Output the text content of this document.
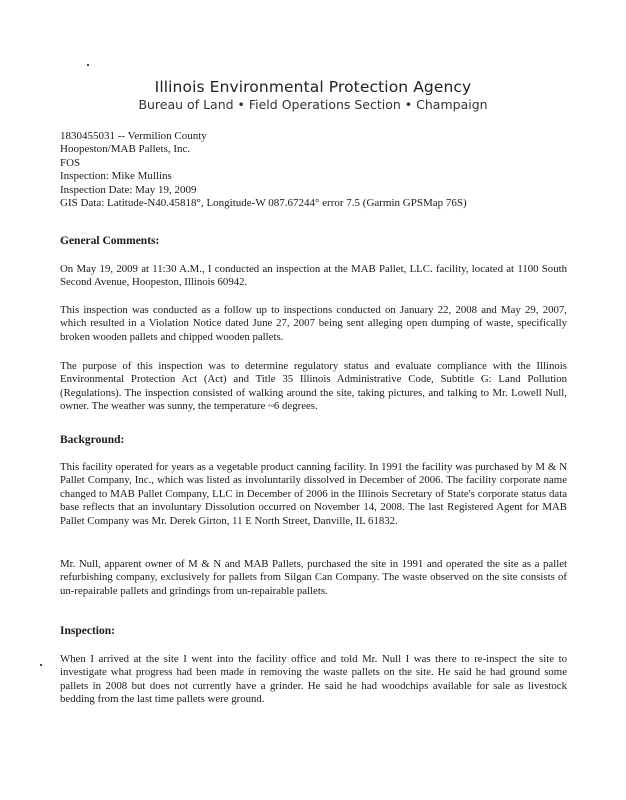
Illinois Environmental Protection Agency
Bureau of Land • Field Operations Section • Champaign
1830455031 -- Vermilion County
Hoopeston/MAB Pallets, Inc.
FOS
Inspection: Mike Mullins
Inspection Date: May 19, 2009
GIS Data: Latitude-N40.45818°, Longitude-W 087.67244° error 7.5 (Garmin GPSMap 76S)
General Comments:
On May 19, 2009 at 11:30 A.M., I conducted an inspection at the MAB Pallet, LLC. facility, located at 1100 South Second Avenue, Hoopeston, Illinois 60942.
This inspection was conducted as a follow up to inspections conducted on January 22, 2008 and May 29, 2007, which resulted in a Violation Notice dated June 27, 2007 being sent alleging open dumping of waste, specifically broken wooden pallets and chipped wooden pallets.
The purpose of this inspection was to determine regulatory status and evaluate compliance with the Illinois Environmental Protection Act (Act) and Title 35 Illinois Administrative Code, Subtitle G: Land Pollution (Regulations). The inspection consisted of walking around the site, taking pictures, and talking to Mr. Lowell Null, owner. The weather was sunny, the temperature ~6 degrees.
Background:
This facility operated for years as a vegetable product canning facility. In 1991 the facility was purchased by M & N Pallet Company, Inc., which was listed as involuntarily dissolved in December of 2006. The facility corporate name changed to MAB Pallet Company, LLC in December of 2006 in the Illinois Secretary of State's corporate status data base reflects that an involuntary Dissolution occurred on November 14, 2008. The last Registered Agent for MAB Pallet Company was Mr. Derek Girton, 11 E North Street, Danville, IL 61832.
Mr. Null, apparent owner of M & N and MAB Pallets, purchased the site in 1991 and operated the site as a pallet refurbishing company, exclusively for pallets from Silgan Can Company. The waste observed on the site consists of un-repairable pallets and grindings from un-repairable pallets.
Inspection:
When I arrived at the site I went into the facility office and told Mr. Null I was there to re-inspect the site to investigate what progress had been made in removing the waste pallets on the site. He said he had ground some pallets in 2008 but does not currently have a grinder. He said he had woodchips available for sale as livestock bedding from the last time pallets were ground.
